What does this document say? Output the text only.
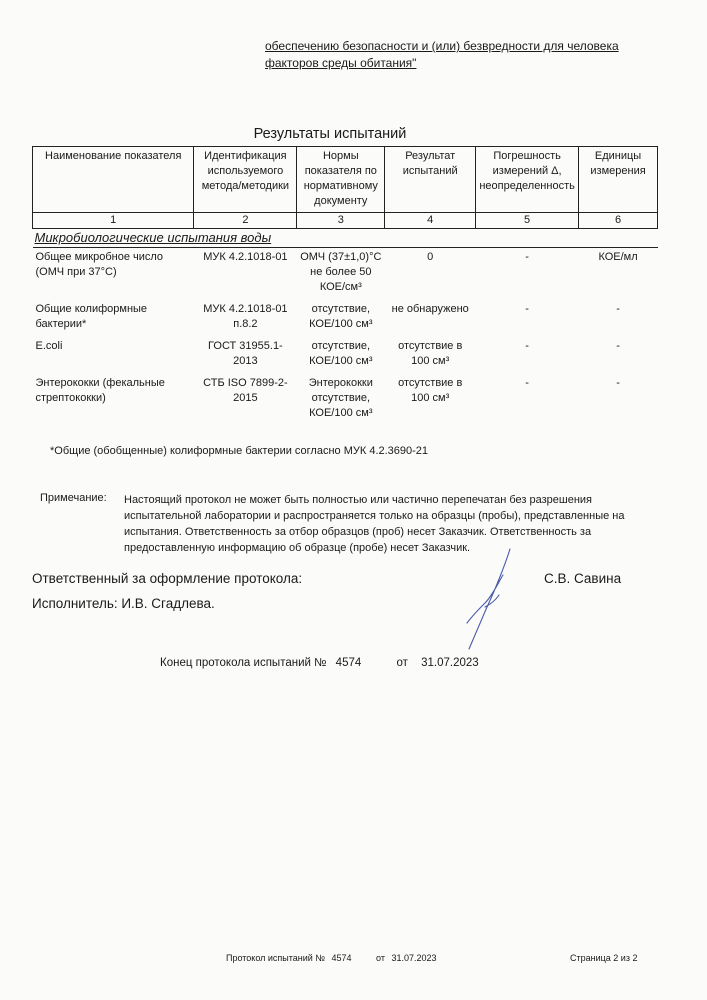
обеспечению безопасности и (или) безвредности для человека
факторов среды обитания"
Результаты испытаний
Наименование показателя	Идентификация используемого метода/методики	Нормы показателя по нормативному документу	Результат испытаний	Погрешность измерений Δ, неопределенность	Единицы измерения
1	2	3	4	5	6
Микробиологические испытания воды					
Общее микробное число (ОМЧ при 37°С)	МУК 4.2.1018-01	ОМЧ (37±1,0)°С не более 50 КОЕ/см³	0	-	КОЕ/мл
Общие колиформные бактерии*	МУК 4.2.1018-01 п.8.2	отсутствие, КОЕ/100 см³	не обнаружено	-	-
E.coli	ГОСТ 31955.1-2013	отсутствие, КОЕ/100 см³	отсутствие в 100 см³	-	-
Энтерококки (фекальные стрептококки)	СТБ ISO 7899-2-2015	Энтерококки отсутствие, КОЕ/100 см³	отсутствие в 100 см³	-	-
*Общие (обобщенные) колиформные бактерии согласно МУК 4.2.3690-21
Примечание: Настоящий протокол не может быть полностью или частично перепечатан без разрешения испытательной лаборатории и распространяется только на образцы (пробы), представленные на испытания. Ответственность за отбор образцов (проб) несет Заказчик. Ответственность за предоставленную информацию об образце (пробе) несет Заказчик.
Ответственный за оформление протокола:	С.В. Савина
Исполнитель: И.В. Сгадлева.
Конец протокола испытаний № 4574	от 31.07.2023
Протокол испытаний № 4574	от 31.07.2023	Страница 2 из 2
